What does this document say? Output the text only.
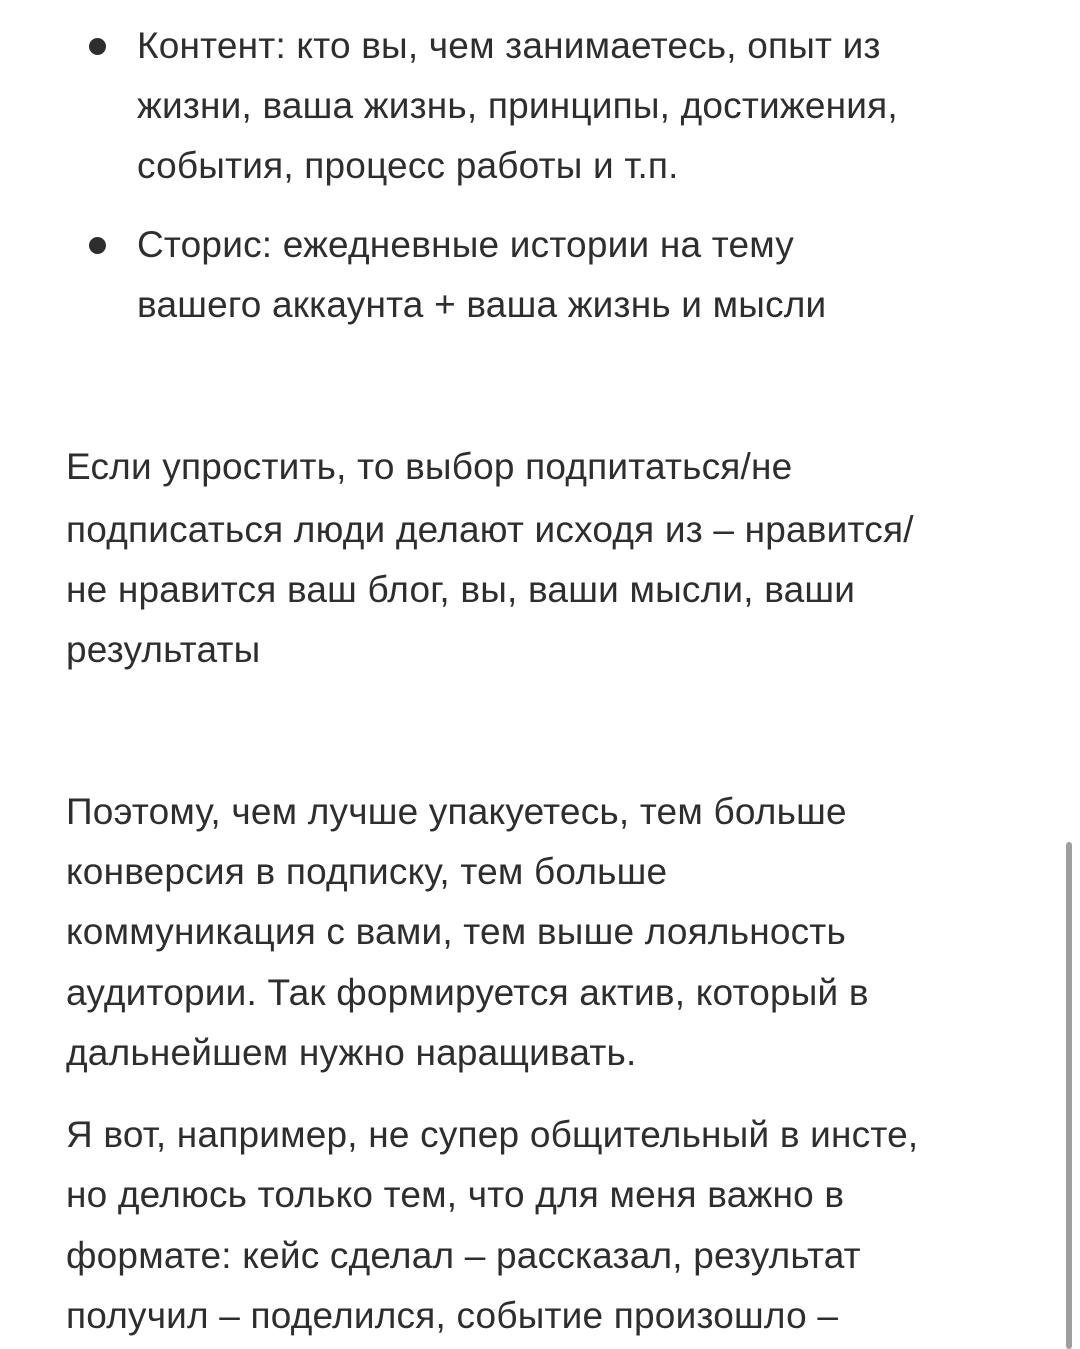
Контент: кто вы, чем занимаетесь, опыт из
жизни, ваша жизнь, принципы, достижения,
события, процесс работы и т.п.
Сторис: ежедневные истории на тему
вашего аккаунта + ваша жизнь и мысли
Если упростить, то выбор подпитаться/не
подписаться люди делают исходя из – нравится/
не нравится ваш блог, вы, ваши мысли, ваши
результаты
Поэтому, чем лучше упакуетесь, тем больше
конверсия в подписку, тем больше
коммуникация с вами, тем выше лояльность
аудитории. Так формируется актив, который в
дальнейшем нужно наращивать.
Я вот, например, не супер общительный в инсте,
но делюсь только тем, что для меня важно в
формате: кейс сделал – рассказал, результат
получил – поделился, событие произошло –
